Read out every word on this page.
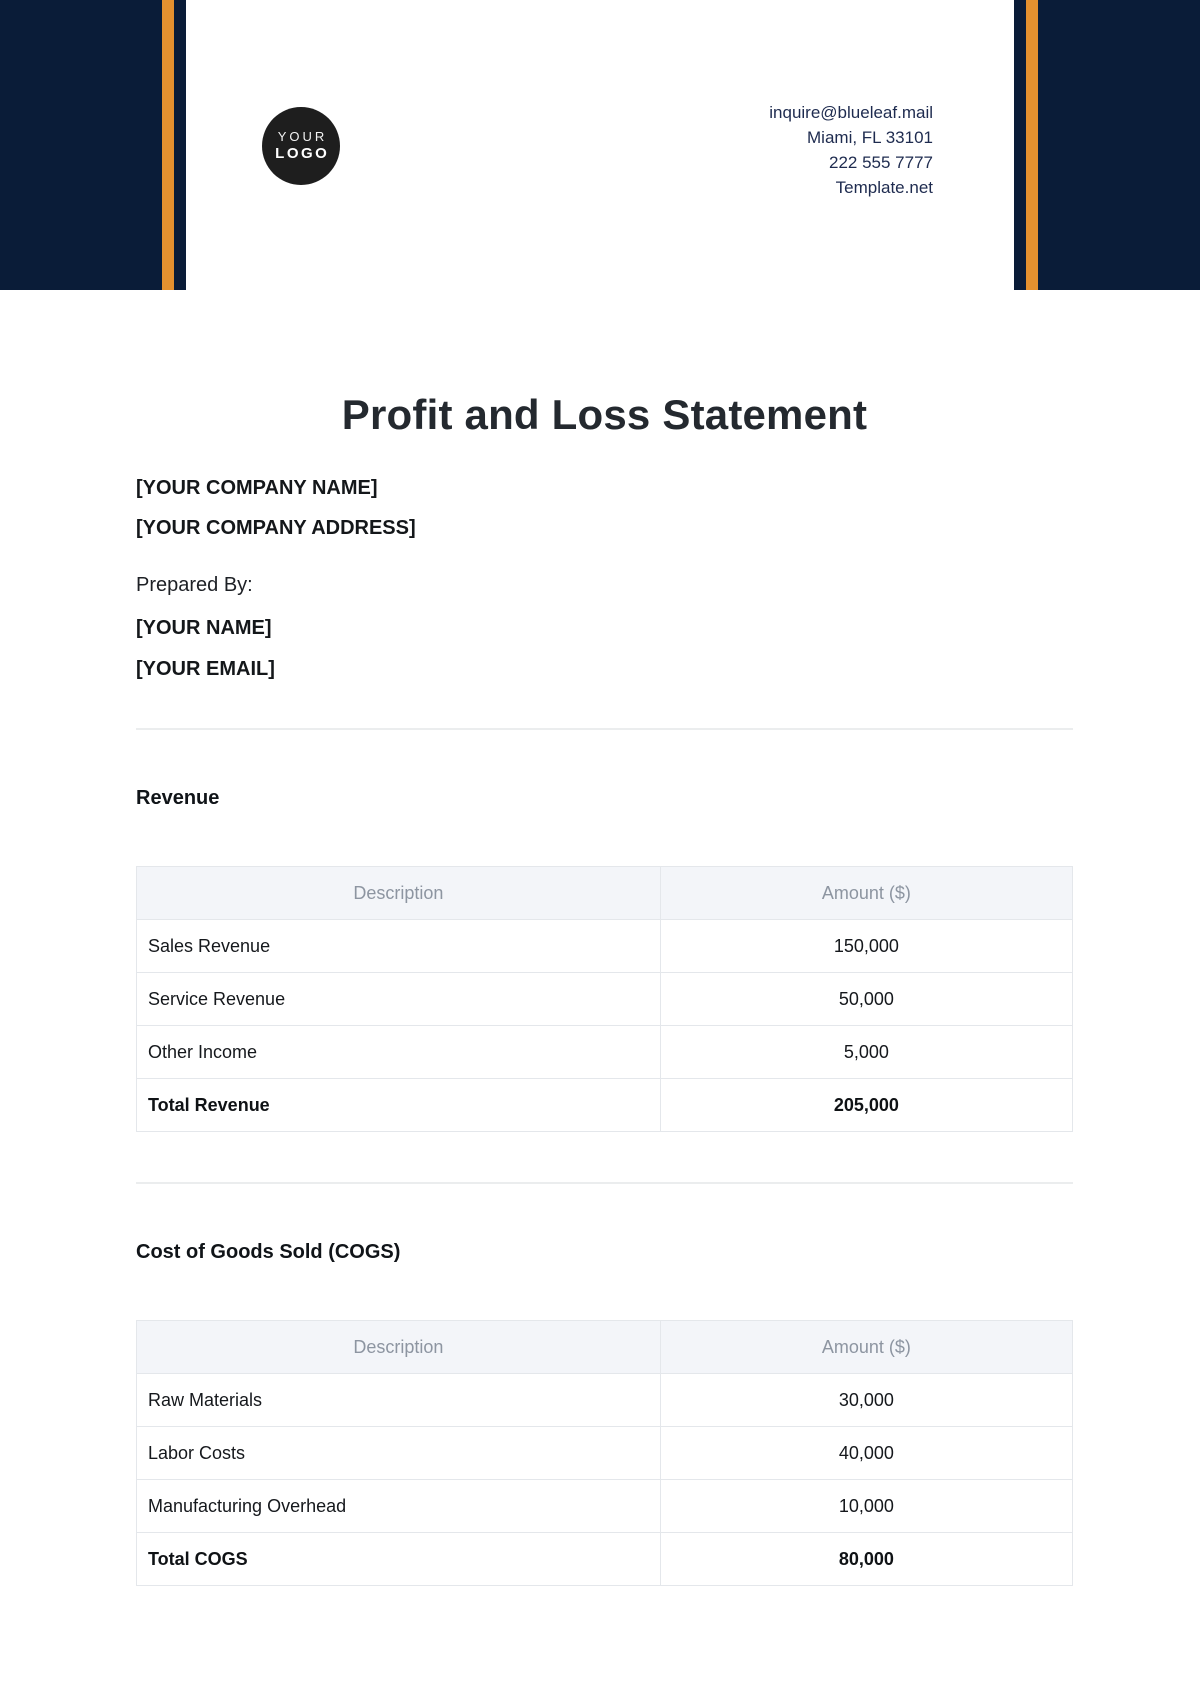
YOUR
LOGO
inquire@blueleaf.mail
Miami, FL 33101
222 555 7777
Template.net
Profit and Loss Statement

[YOUR COMPANY NAME]

[YOUR COMPANY ADDRESS]

Prepared By:

[YOUR NAME]

[YOUR EMAIL]

Revenue
Description	Amount ($)
Sales Revenue	150,000
Service Revenue	50,000
Other Income	5,000
Total Revenue	205,000
Cost of Goods Sold (COGS)
Description	Amount ($)
Raw Materials	30,000
Labor Costs	40,000
Manufacturing Overhead	10,000
Total COGS	80,000
